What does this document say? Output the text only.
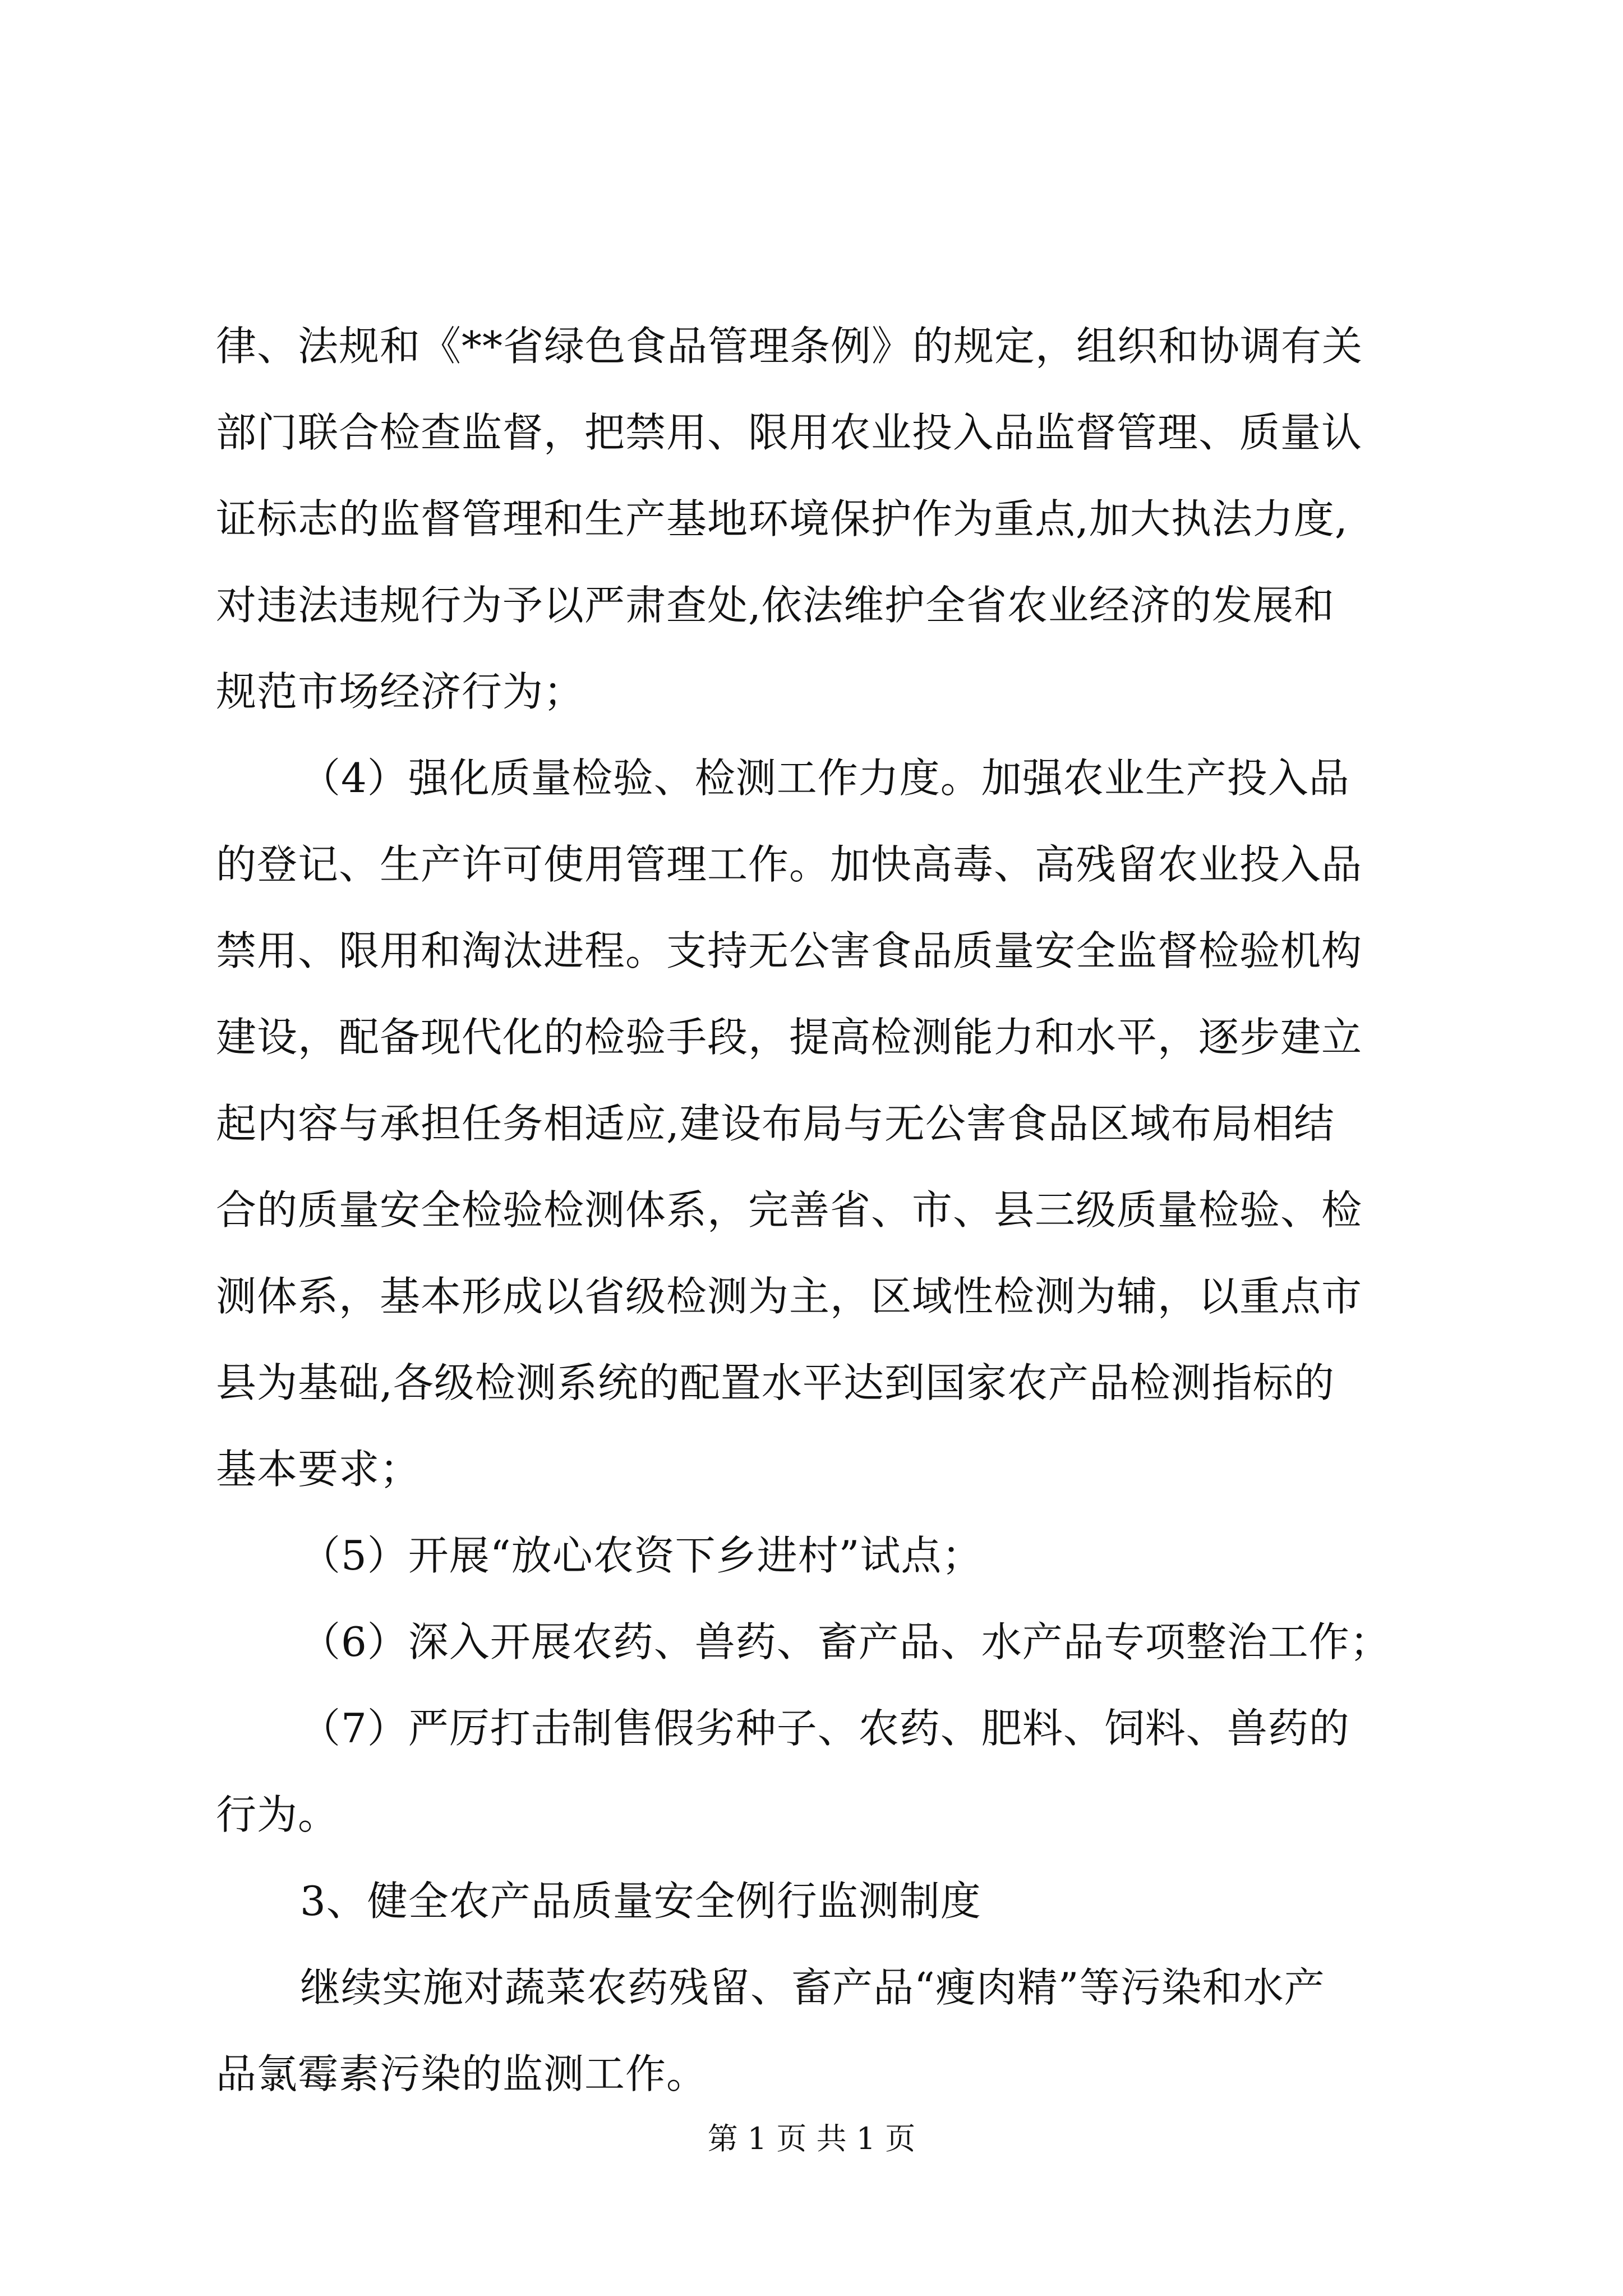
律、法规和《**省绿色食品管理条例》的规定，组织和协调有关
部门联合检查监督，把禁用、限用农业投入品监督管理、质量认
证标志的监督管理和生产基地环境保护作为重点,加大执法力度,
对违法违规行为予以严肃查处,依法维护全省农业经济的发展和
规范市场经济行为；
（4）强化质量检验、检测工作力度。加强农业生产投入品
的登记、生产许可使用管理工作。加快高毒、高残留农业投入品
禁用、限用和淘汰进程。支持无公害食品质量安全监督检验机构
建设，配备现代化的检验手段，提高检测能力和水平，逐步建立
起内容与承担任务相适应,建设布局与无公害食品区域布局相结
合的质量安全检验检测体系，完善省、市、县三级质量检验、检
测体系，基本形成以省级检测为主，区域性检测为辅，以重点市
县为基础,各级检测系统的配置水平达到国家农产品检测指标的
基本要求；
（5）开展“放心农资下乡进村”试点；
（6）深入开展农药、兽药、畜产品、水产品专项整治工作；
（7）严厉打击制售假劣种子、农药、肥料、饲料、兽药的
行为。
3、健全农产品质量安全例行监测制度
继续实施对蔬菜农药残留、畜产品“瘦肉精”等污染和水产
品氯霉素污染的监测工作。
第 1 页 共 1 页
